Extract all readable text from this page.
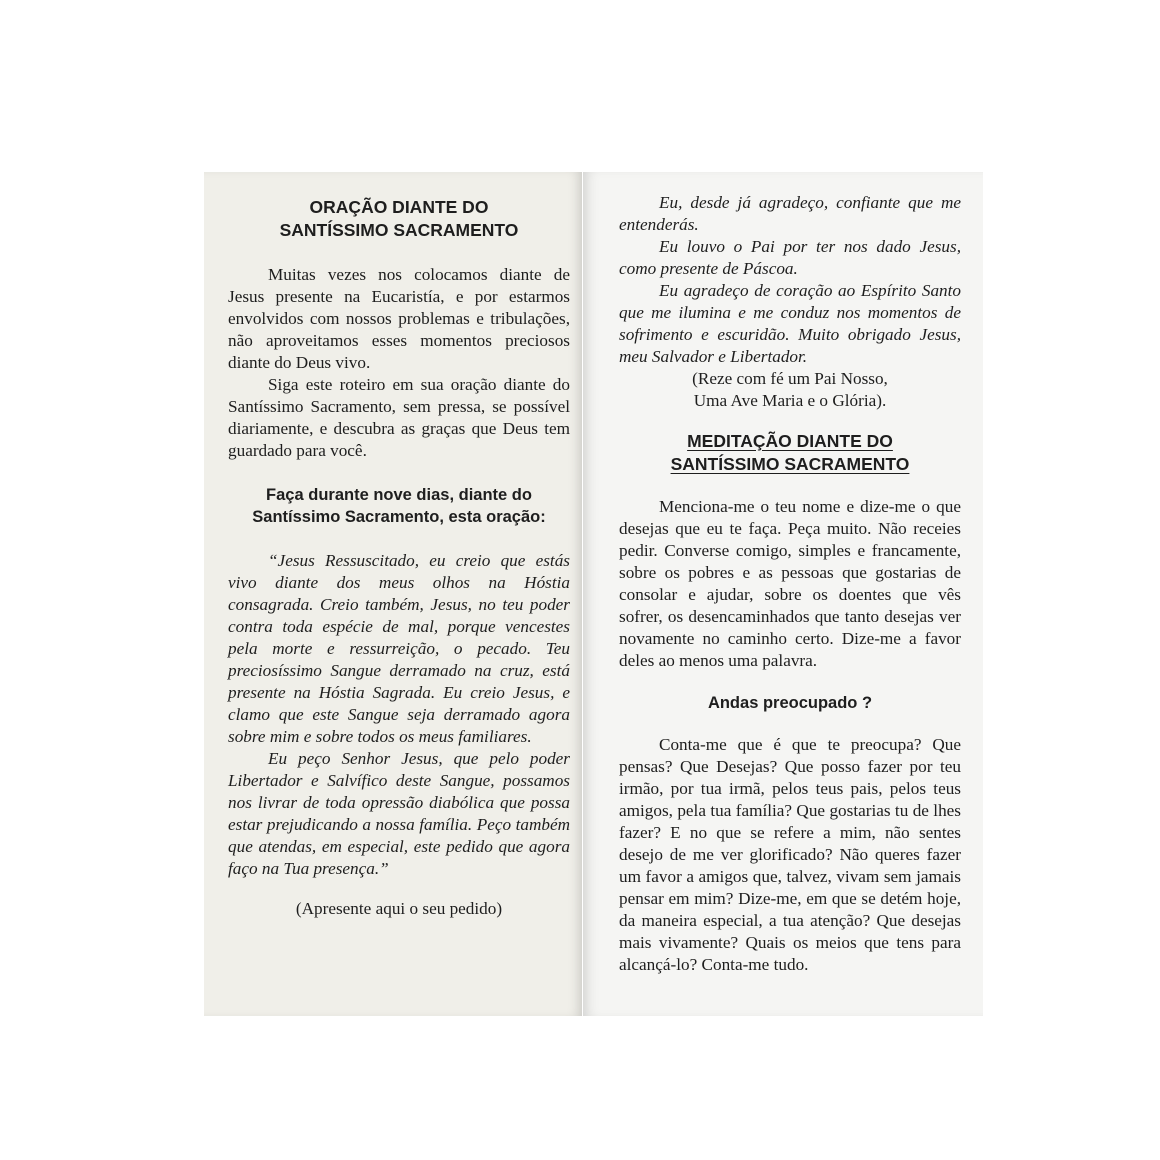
ORAÇÃO DIANTE DO
SANTÍSSIMO SACRAMENTO

Muitas vezes nos colocamos diante de Jesus presente na Eucaristía, e por estarmos envolvidos com nossos problemas e tribulações, não aproveitamos esses momentos preciosos diante do Deus vivo.

Siga este roteiro em sua oração diante do Santíssimo Sacramento, sem pressa, se possível diariamente, e descubra as graças que Deus tem guardado para você.

Faça durante nove dias, diante do
Santíssimo Sacramento, esta oração:

“Jesus Ressuscitado, eu creio que estás vivo diante dos meus olhos na Hóstia consagrada. Creio também, Jesus, no teu poder contra toda espécie de mal, porque vencestes pela morte e ressurreição, o pecado. Teu preciosíssimo Sangue derramado na cruz, está presente na Hóstia Sagrada. Eu creio Jesus, e clamo que este Sangue seja derramado agora sobre mim e sobre todos os meus familiares.

Eu peço Senhor Jesus, que pelo poder Libertador e Salvífico deste Sangue, possamos nos livrar de toda opressão diabólica que possa estar prejudicando a nossa família. Peço também que atendas, em especial, este pedido que agora faço na Tua presença.”

(Apresente aqui o seu pedido)

Eu, desde já agradeço, confiante que me entenderás.

Eu louvo o Pai por ter nos dado Jesus, como presente de Páscoa.

Eu agradeço de coração ao Espírito Santo que me ilumina e me conduz nos momentos de sofrimento e escuridão. Muito obrigado Jesus, meu Salvador e Libertador.

(Reze com fé um Pai Nosso,
Uma Ave Maria e o Glória).

MEDITAÇÃO DIANTE DO
SANTÍSSIMO SACRAMENTO

Menciona-me o teu nome e dize-me o que desejas que eu te faça. Peça muito. Não receies pedir. Converse comigo, simples e francamente, sobre os pobres e as pessoas que gostarias de consolar e ajudar, sobre os doentes que vês sofrer, os desencaminhados que tanto desejas ver novamente no caminho certo. Dize-me a favor deles ao menos uma palavra.

Andas preocupado ?

Conta-me que é que te preocupa? Que pensas? Que Desejas? Que posso fazer por teu irmão, por tua irmã, pelos teus pais, pelos teus amigos, pela tua família? Que gostarias tu de lhes fazer? E no que se refere a mim, não sentes desejo de me ver glorificado? Não queres fazer um favor a amigos que, talvez, vivam sem jamais pensar em mim? Dize-me, em que se detém hoje, da maneira especial, a tua atenção? Que desejas mais vivamente? Quais os meios que tens para alcançá-lo? Conta-me tudo.
